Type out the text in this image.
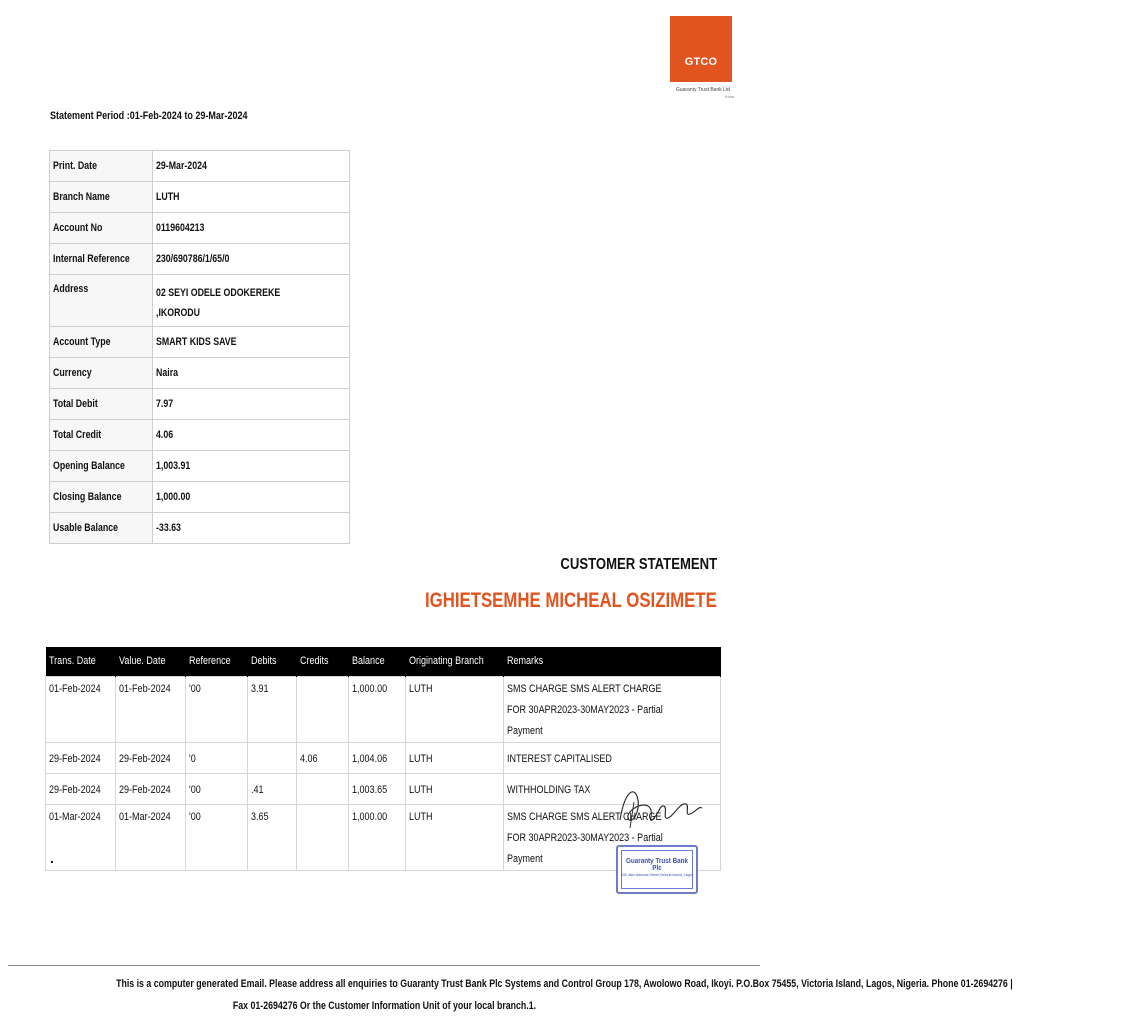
GTCO
Guaranty Trust Bank Ltd
Know
Statement Period :01-Feb-2024 to 29-Mar-2024
Print. Date	29-Mar-2024
Branch Name	LUTH
Account No	0119604213
Internal Reference	230/690786/1/65/0
Address	02 SEYI ODELE ODOKEREKE
,IKORODU

Account Type	SMART KIDS SAVE
Currency	Naira
Total Debit	7.97
Total Credit	4.06
Opening Balance	1,003.91
Closing Balance	1,000.00
Usable Balance	-33.63
CUSTOMER STATEMENT
IGHIETSEMHE MICHEAL OSIZIMETE
Trans. Date	Value. Date	Reference	Debits	Credits	Balance	Originating Branch	Remarks
01-Feb-2024	01-Feb-2024	'00	3.91		1,000.00	LUTH	SMS CHARGE SMS ALERT CHARGE FOR 30APR2023-30MAY2023 - Partial Payment

29-Feb-2024	29-Feb-2024	'0		4.06	1,004.06	LUTH	INTEREST CAPITALISED

29-Feb-2024	29-Feb-2024	'00	.41		1,003.65	LUTH	WITHHOLDING TAX

01-Mar-2024	01-Mar-2024	'00	3.65		1,000.00	LUTH	SMS CHARGE SMS ALERT CHARGE FOR 30APR2023-30MAY2023 - Partial Payment
.	Guaranty Trust Bank Plc
635, Akin Adesola Street,Victoria Island, Lagos
This is a computer generated Email. Please address all enquiries to Guaranty Trust Bank Plc Systems and Control Group 178, Awolowo Road, Ikoyi. P.O.Box 75455, Victoria Island, Lagos, Nigeria. Phone 01-2694276 |
Fax 01-2694276 Or the Customer Information Unit of your local branch.1.
